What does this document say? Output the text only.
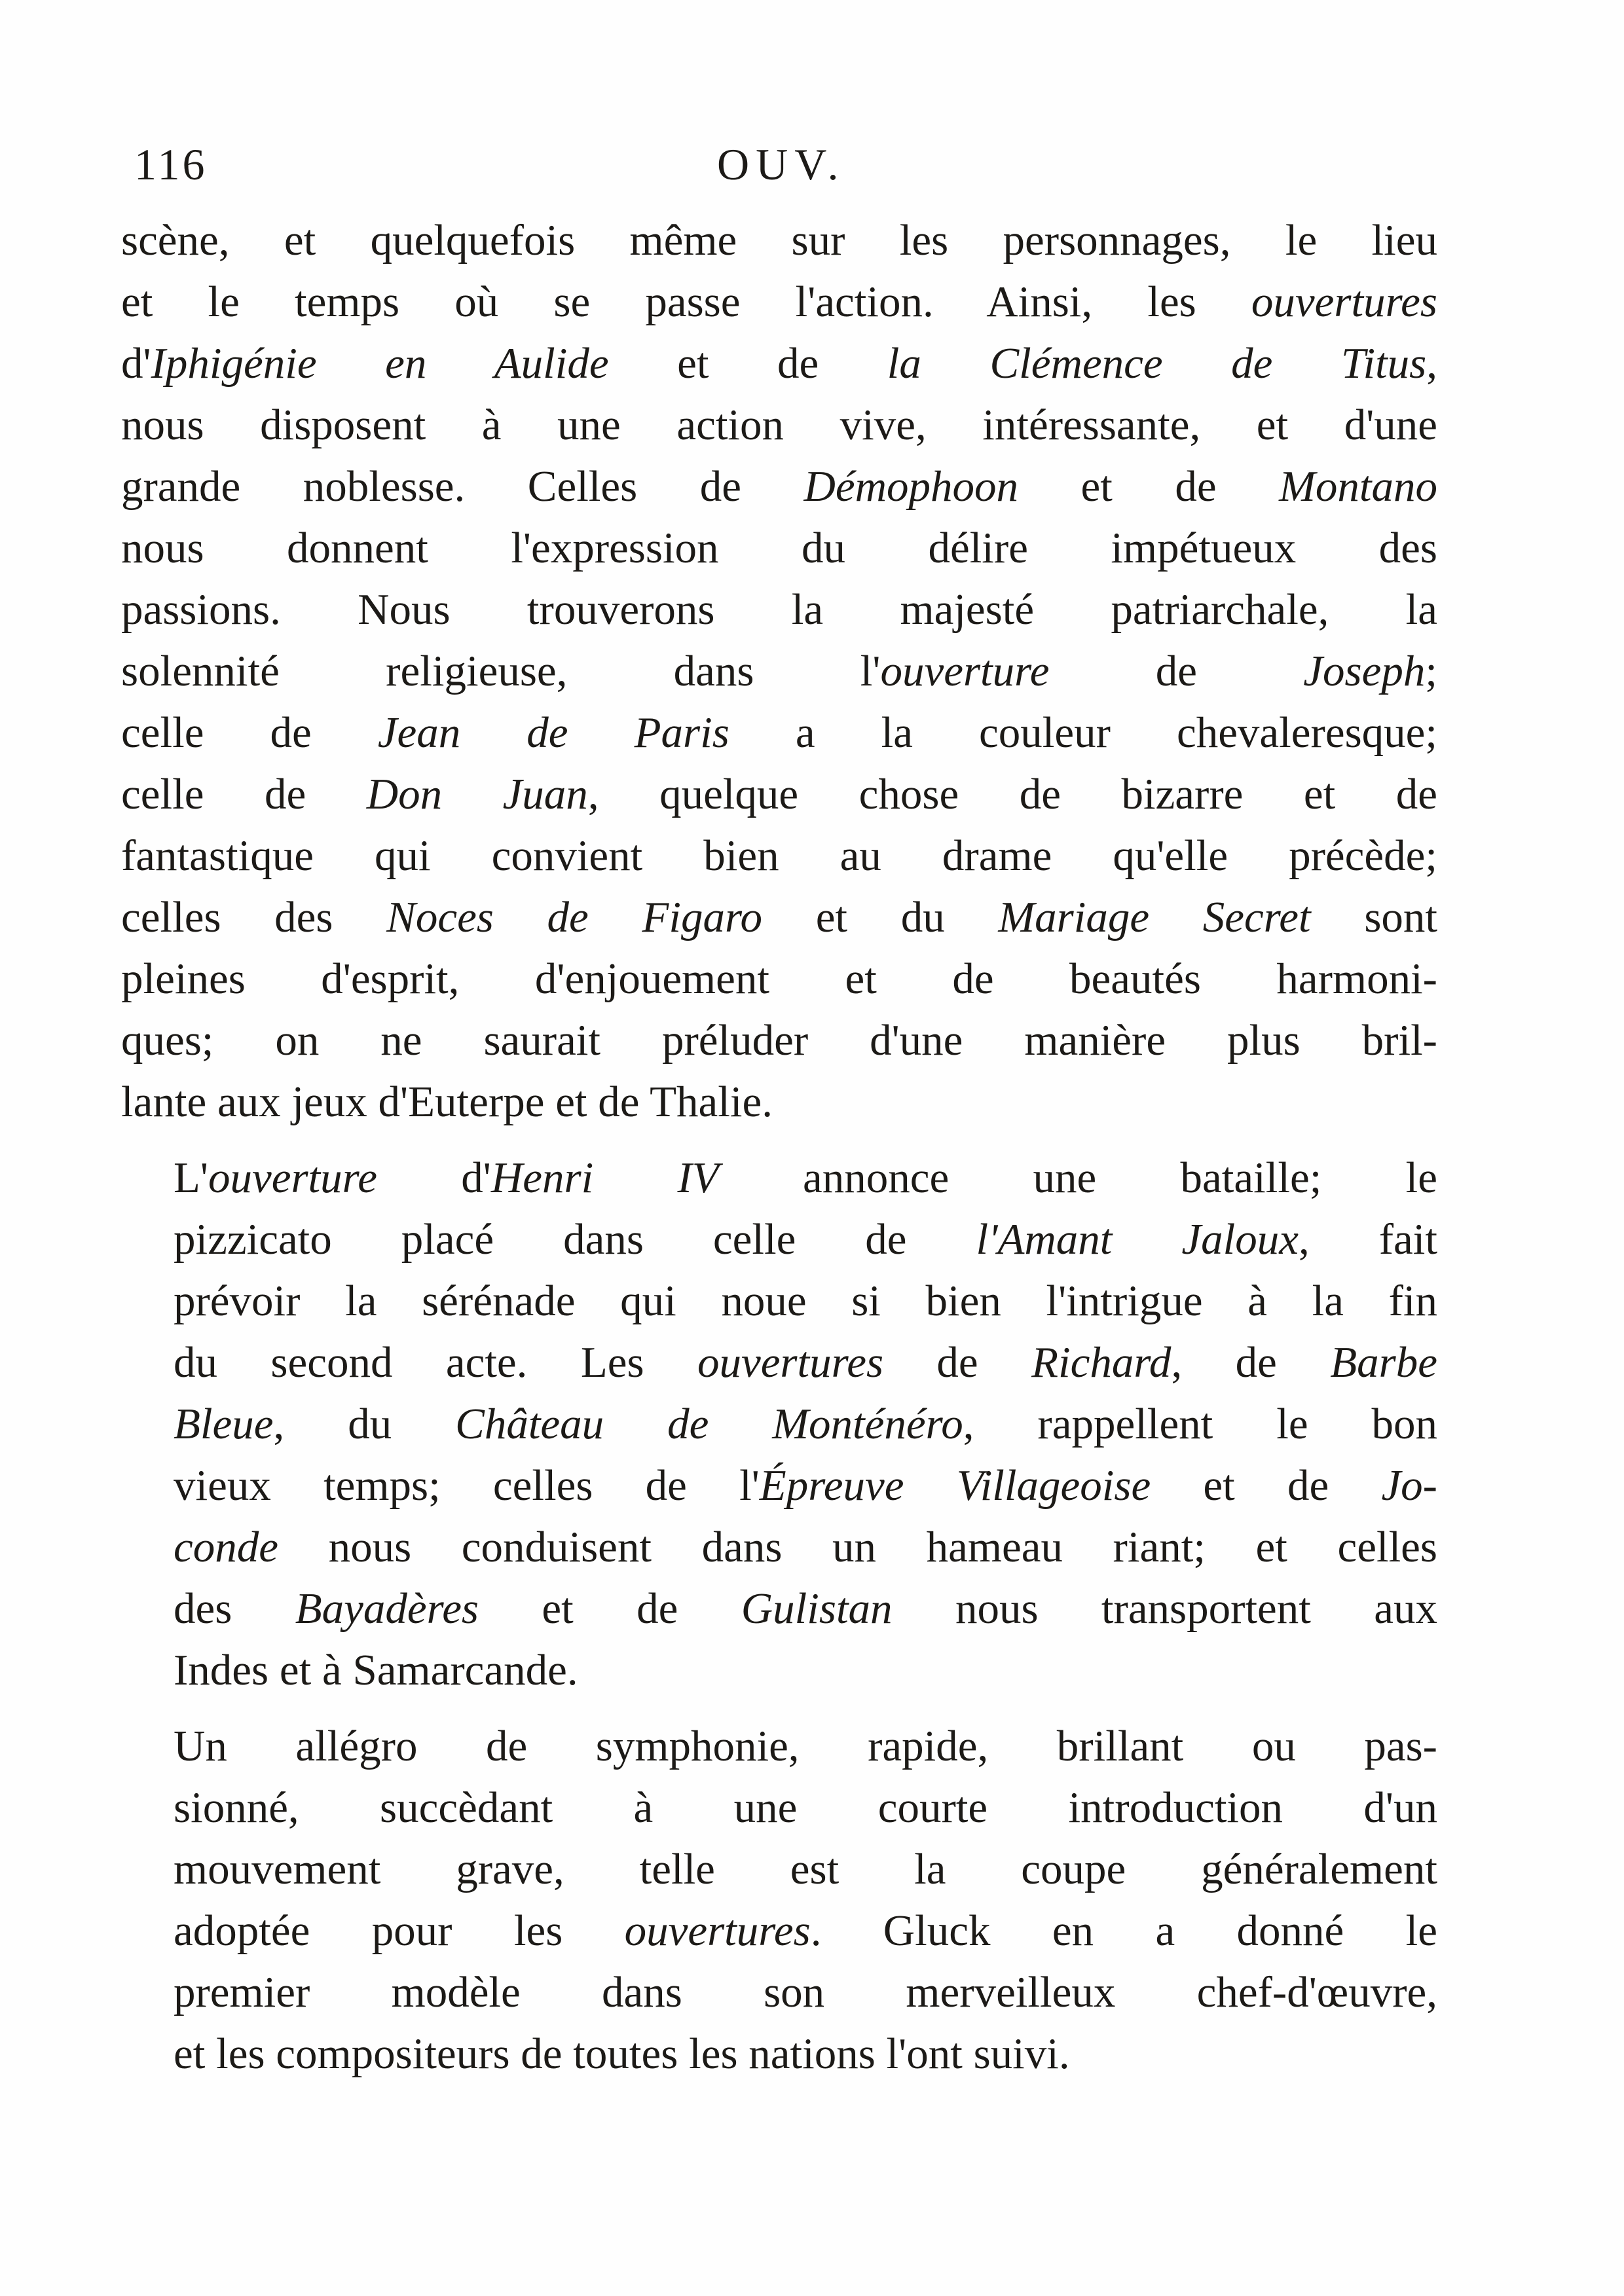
116	OUV.
scène, et quelquefois même sur les personnages, le lieu
et le temps où se passe l'action. Ainsi, les ouvertures
d'Iphigénie en Aulide et de la Clémence de Titus,
nous disposent à une action vive, intéressante, et d'une
grande noblesse. Celles de Démophoon et de Montano
nous donnent l'expression du délire impétueux des
passions. Nous trouverons la majesté patriarchale, la
solennité religieuse, dans l'ouverture de Joseph;
celle de Jean de Paris a la couleur chevaleresque;
celle de Don Juan, quelque chose de bizarre et de
fantastique qui convient bien au drame qu'elle précède;
celles des Noces de Figaro et du Mariage Secret sont
pleines d'esprit, d'enjouement et de beautés harmoni-
ques; on ne saurait préluder d'une manière plus bril-
lante aux jeux d'Euterpe et de Thalie.
L'ouverture d'Henri IV annonce une bataille; le
pizzicato placé dans celle de l'Amant Jaloux, fait
prévoir la sérénade qui noue si bien l'intrigue à la fin
du second acte. Les ouvertures de Richard, de Barbe
Bleue, du Château de Monténéro, rappellent le bon
vieux temps; celles de l'Épreuve Villageoise et de Jo-
conde nous conduisent dans un hameau riant; et celles
des Bayadères et de Gulistan nous transportent aux
Indes et à Samarcande.
Un allégro de symphonie, rapide, brillant ou pas-
sionné, succèdant à une courte introduction d'un
mouvement grave, telle est la coupe généralement
adoptée pour les ouvertures. Gluck en a donné le
premier modèle dans son merveilleux chef-d'œuvre,
et les compositeurs de toutes les nations l'ont suivi.
